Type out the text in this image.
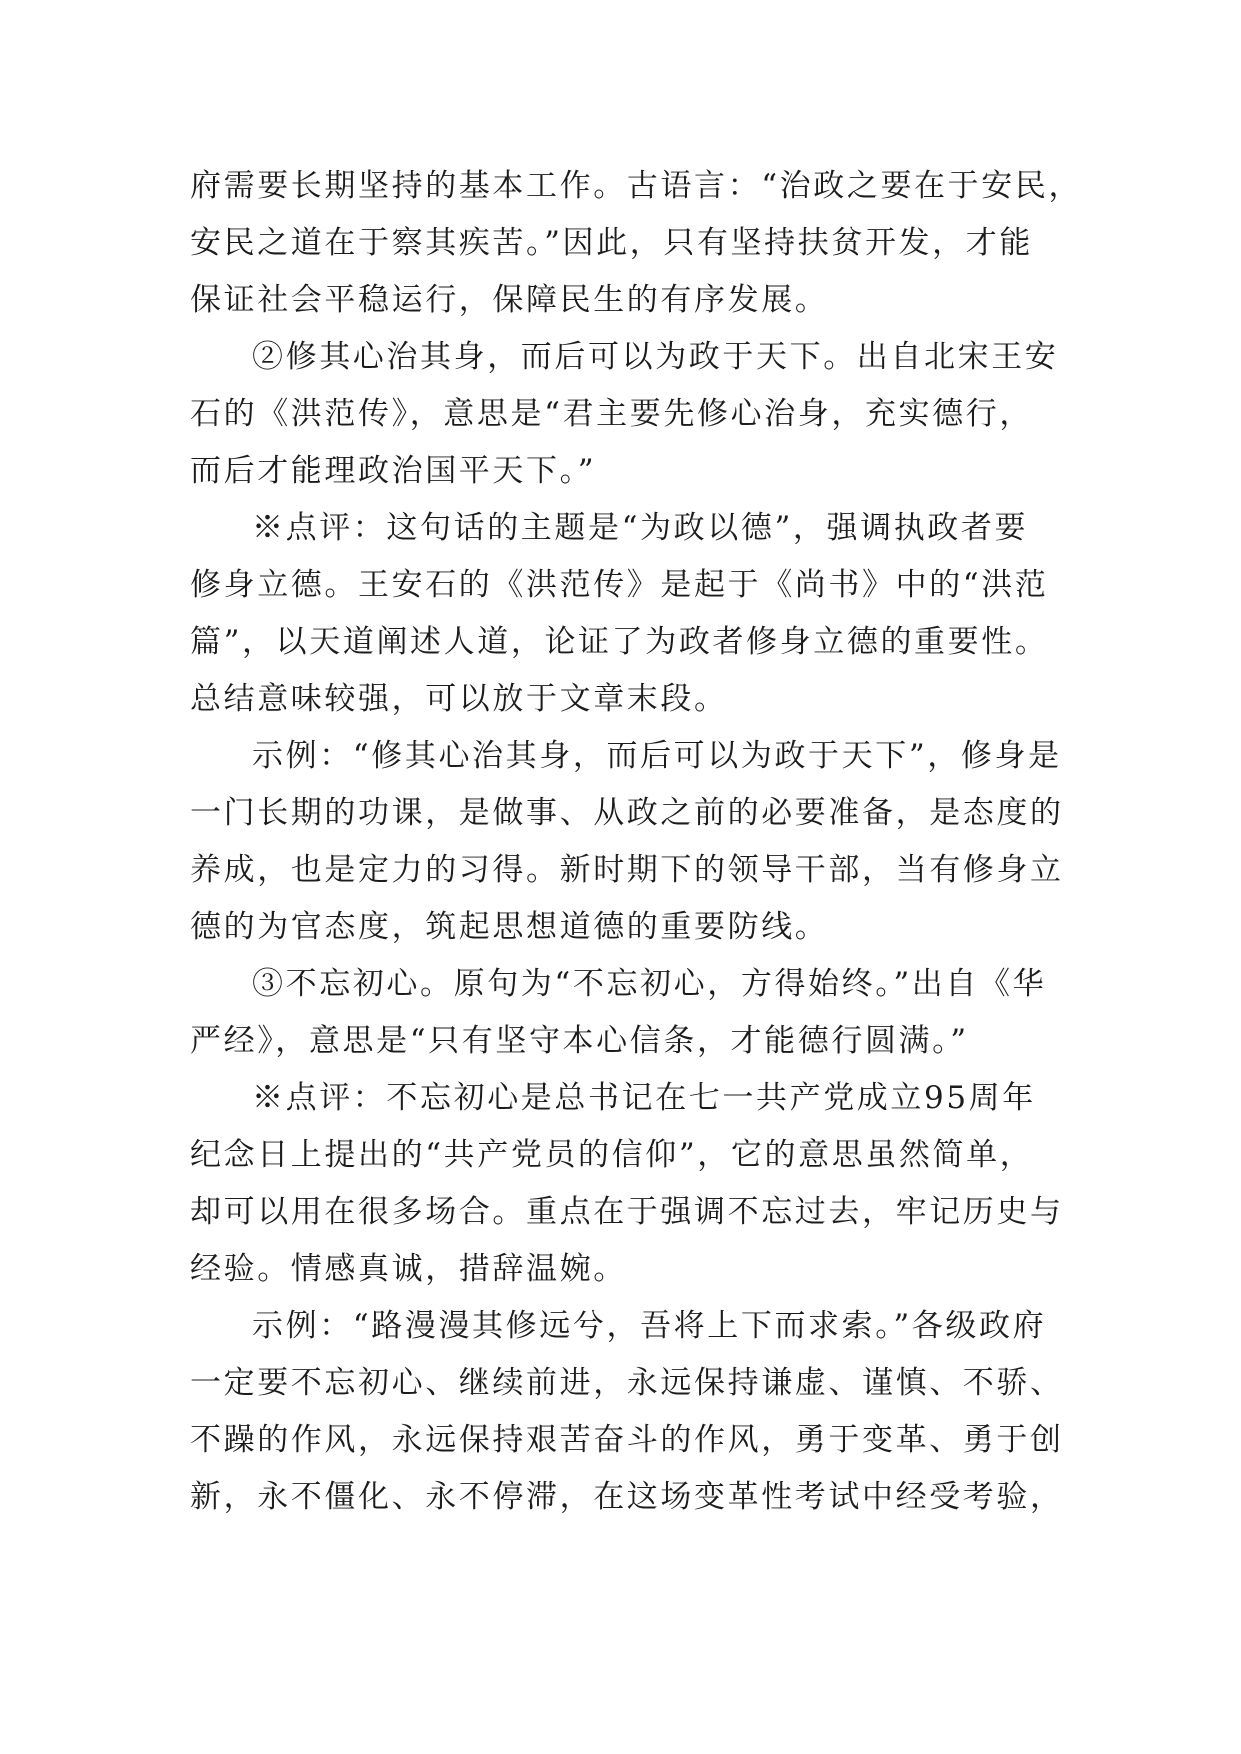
府需要长期坚持的基本工作。古语言：“治政之要在于安民，
安民之道在于察其疾苦。”因此，只有坚持扶贫开发，才能
保证社会平稳运行，保障民生的有序发展。
②修其心治其身，而后可以为政于天下。出自北宋王安
石的《洪范传》，意思是“君主要先修心治身，充实德行，
而后才能理政治国平天下。”
※点评：这句话的主题是“为政以德”，强调执政者要
修身立德。王安石的《洪范传》是起于《尚书》中的“洪范
篇”，以天道阐述人道，论证了为政者修身立德的重要性。
总结意味较强，可以放于文章末段。
示例：“修其心治其身，而后可以为政于天下”，修身是
一门长期的功课，是做事、从政之前的必要准备，是态度的
养成，也是定力的习得。新时期下的领导干部，当有修身立
德的为官态度，筑起思想道德的重要防线。
③不忘初心。原句为“不忘初心，方得始终。”出自《华
严经》，意思是“只有坚守本心信条，才能德行圆满。”
※点评：不忘初心是总书记在七一共产党成立95周年
纪念日上提出的“共产党员的信仰”，它的意思虽然简单，
却可以用在很多场合。重点在于强调不忘过去，牢记历史与
经验。情感真诚，措辞温婉。
示例：“路漫漫其修远兮，吾将上下而求索。”各级政府
一定要不忘初心、继续前进，永远保持谦虚、谨慎、不骄、
不躁的作风，永远保持艰苦奋斗的作风，勇于变革、勇于创
新，永不僵化、永不停滞，在这场变革性考试中经受考验，
